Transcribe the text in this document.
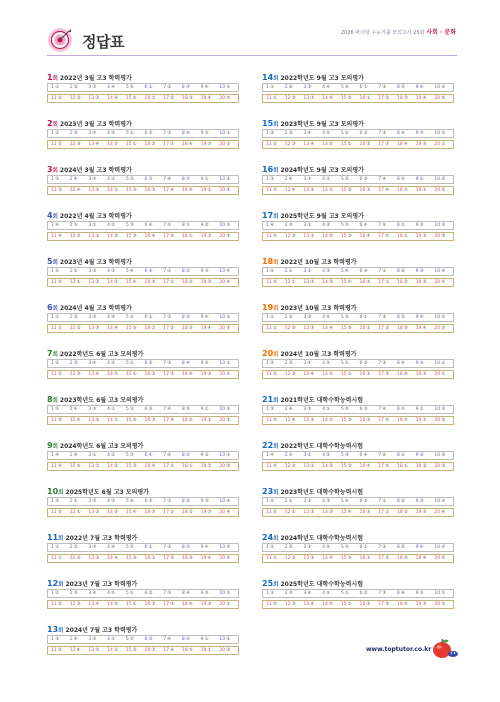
정답표	2026 마더텅 수능기출 모의고사 25회 사회 · 문화
1회 2022년 3월 고3 학력평가
1①	2②	3③	4④	5⑤	6①	7②	8③	9④	10⑤
11①	12②	13③	14④	15⑤	16①	17②	18③	19④	20⑤
2회 2023년 3월 고3 학력평가
1②	2③	3④	4⑤	5①	6②	7③	8④	9⑤	10①
11②	12③	13④	14⑤	15①	16②	17③	18④	19⑤	20①
3회 2024년 3월 고3 학력평가
1③	2④	3⑤	4①	5②	6③	7④	8⑤	9①	10②
11③	12④	13⑤	14①	15②	16③	17④	18⑤	19①	20②
4회 2022년 4월 고3 학력평가
1④	2⑤	3①	4②	5③	6④	7⑤	8①	9②	10③
11④	12⑤	13①	14②	15③	16④	17⑤	18①	19②	20③
5회 2023년 4월 고3 학력평가
1⑤	2①	3②	4③	5④	6⑤	7①	8②	9③	10④
11⑤	12①	13②	14③	15④	16⑤	17①	18②	19③	20④
6회 2024년 4월 고3 학력평가
1①	2②	3③	4④	5⑤	6①	7②	8③	9④	10⑤
11①	12②	13③	14④	15⑤	16①	17②	18③	19④	20⑤
7회 2022학년도 6월 고3 모의평가
1②	2③	3④	4⑤	5①	6②	7③	8④	9⑤	10①
11②	12③	13④	14⑤	15①	16②	17③	18④	19⑤	20①
8회 2023학년도 6월 고3 모의평가
1③	2④	3⑤	4①	5②	6③	7④	8⑤	9①	10②
11③	12④	13⑤	14①	15②	16③	17④	18⑤	19①	20②
9회 2024학년도 6월 고3 모의평가
1④	2⑤	3①	4②	5③	6④	7⑤	8①	9②	10③
11④	12⑤	13①	14②	15③	16④	17⑤	18①	19②	20③
10회 2025학년도 6월 고3 모의평가
1⑤	2①	3②	4③	5④	6⑤	7①	8②	9③	10④
11⑤	12①	13②	14③	15④	16⑤	17①	18②	19③	20④
11회 2022년 7월 고3 학력평가
1①	2②	3③	4④	5⑤	6①	7②	8③	9④	10⑤
11①	12②	13③	14④	15⑤	16①	17②	18③	19④	20⑤
12회 2023년 7월 고3 학력평가
1②	2③	3④	4⑤	5①	6②	7③	8④	9⑤	10①
11②	12③	13④	14⑤	15①	16②	17③	18④	19⑤	20①
13회 2024년 7월 고3 학력평가
1③	2④	3⑤	4①	5②	6③	7④	8⑤	9①	10②
11③	12④	13⑤	14①	15②	16③	17④	18⑤	19①	20②
14회 2022학년도 9월 고3 모의평가
1①	2②	3③	4④	5⑤	6①	7②	8③	9④	10⑤
11①	12②	13③	14④	15⑤	16①	17②	18③	19④	20⑤
15회 2023학년도 9월 고3 모의평가
1②	2③	3④	4⑤	5①	6②	7③	8④	9⑤	10①
11②	12③	13④	14⑤	15①	16②	17③	18④	19⑤	20①
16회 2024학년도 9월 고3 모의평가
1③	2④	3⑤	4①	5②	6③	7④	8⑤	9①	10②
11③	12④	13⑤	14①	15②	16③	17④	18⑤	19①	20②
17회 2025학년도 9월 고3 모의평가
1④	2⑤	3①	4②	5③	6④	7⑤	8①	9②	10③
11④	12⑤	13①	14②	15③	16④	17⑤	18①	19②	20③
18회 2022년 10월 고3 학력평가
1⑤	2①	3②	4③	5④	6⑤	7①	8②	9③	10④
11⑤	12①	13②	14③	15④	16⑤	17①	18②	19③	20④
19회 2023년 10월 고3 학력평가
1①	2②	3③	4④	5⑤	6①	7②	8③	9④	10⑤
11①	12②	13③	14④	15⑤	16①	17②	18③	19④	20⑤
20회 2024년 10월 고3 학력평가
1②	2③	3④	4⑤	5①	6②	7③	8④	9⑤	10①
11②	12③	13④	14⑤	15①	16②	17③	18④	19⑤	20①
21회 2021학년도 대학수학능력시험
1③	2④	3⑤	4①	5②	6③	7④	8⑤	9①	10②
11③	12④	13⑤	14①	15②	16③	17④	18⑤	19①	20②
22회 2022학년도 대학수학능력시험
1④	2⑤	3①	4②	5③	6④	7⑤	8①	9②	10③
11④	12⑤	13①	14②	15③	16④	17⑤	18①	19②	20③
23회 2023학년도 대학수학능력시험
1⑤	2①	3②	4③	5④	6⑤	7①	8②	9③	10④
11⑤	12①	13②	14③	15④	16⑤	17①	18②	19③	20④
24회 2024학년도 대학수학능력시험
1①	2②	3③	4④	5⑤	6①	7②	8③	9④	10⑤
11①	12②	13③	14④	15⑤	16①	17②	18③	19④	20⑤
25회 2025학년도 대학수학능력시험
1②	2③	3④	4⑤	5①	6②	7③	8④	9⑤	10①
11②	12③	13④	14⑤	15①	16②	17③	18④	19⑤	20①
www.toptutor.co.kr
